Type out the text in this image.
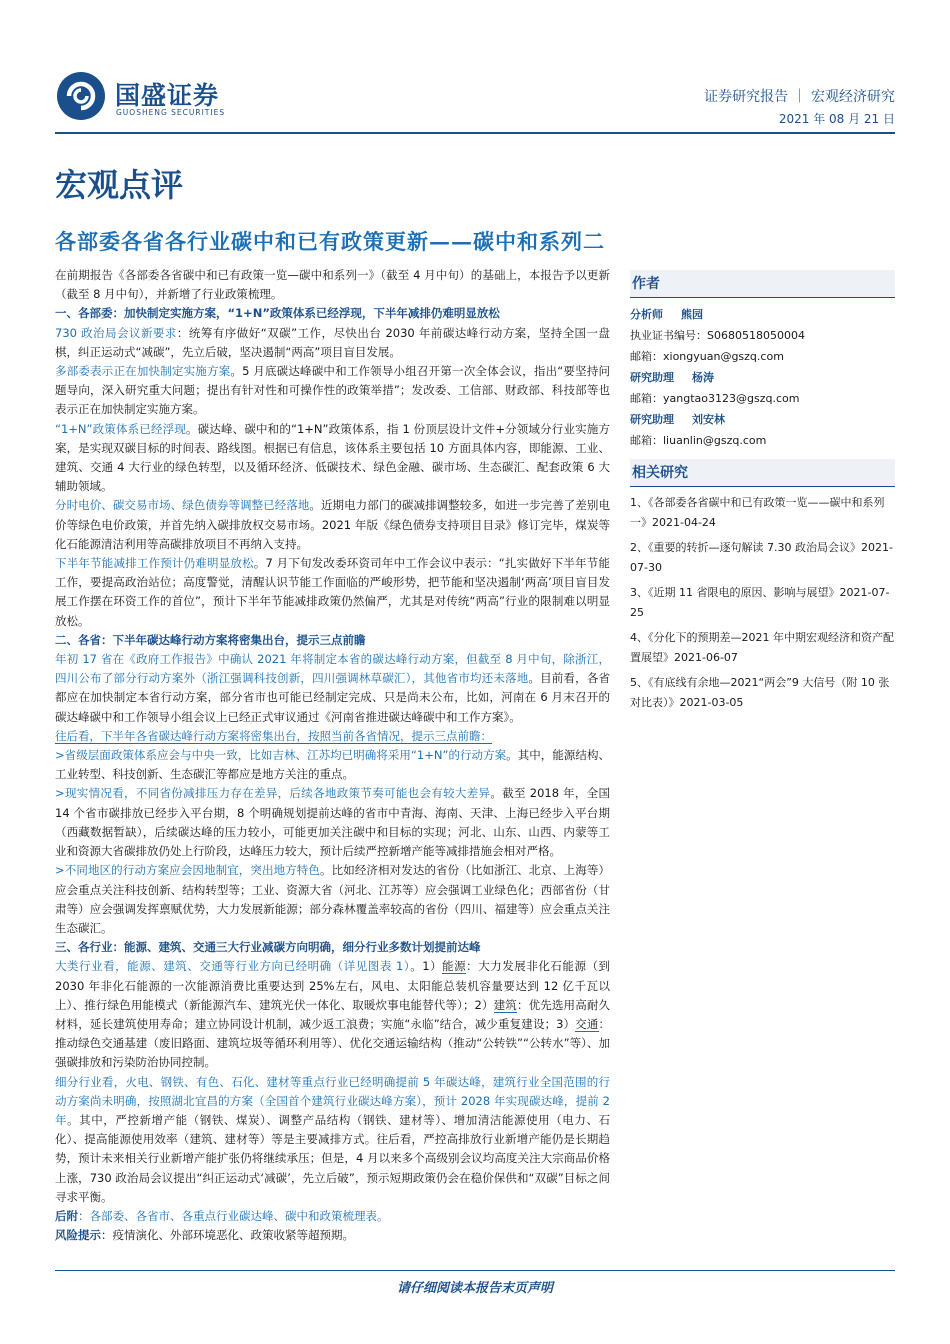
国盛证券
GUOSHENG SECURITIES
证券研究报告 ｜ 宏观经济研究
2021 年 08 月 21 日
宏观点评
各部委各省各行业碳中和已有政策更新——碳中和系列二

在前期报告《各部委各省碳中和已有政策一览—碳中和系列一》（截至 4 月中旬）的基础上，本报告予以更新（截至 8 月中旬），并新增了行业政策梳理。

一、各部委：加快制定实施方案，“1+N”政策体系已经浮现，下半年减排仍难明显放松

730 政治局会议新要求：统筹有序做好“双碳”工作，尽快出台 2030 年前碳达峰行动方案，坚持全国一盘棋，纠正运动式“减碳”，先立后破，坚决遏制“两高”项目盲目发展。

多部委表示正在加快制定实施方案。5 月底碳达峰碳中和工作领导小组召开第一次全体会议，指出“要坚持问题导向，深入研究重大问题；提出有针对性和可操作性的政策举措”；发改委、工信部、财政部、科技部等也表示正在加快制定实施方案。

“1+N”政策体系已经浮现。碳达峰、碳中和的“1+N”政策体系，指 1 份顶层设计文件+分领域分行业实施方案，是实现双碳目标的时间表、路线图。根据已有信息，该体系主要包括 10 方面具体内容，即能源、工业、建筑、交通 4 大行业的绿色转型，以及循环经济、低碳技术、绿色金融、碳市场、生态碳汇、配套政策 6 大辅助领域。

分时电价、碳交易市场、绿色债券等调整已经落地。近期电力部门的碳减排调整较多，如进一步完善了差别电价等绿色电价政策，并首先纳入碳排放权交易市场。2021 年版《绿色债券支持项目目录》修订完毕，煤炭等化石能源清洁利用等高碳排放项目不再纳入支持。

下半年节能减排工作预计仍难明显放松。7 月下旬发改委环资司年中工作会议中表示：“扎实做好下半年节能工作，要提高政治站位；高度警觉，清醒认识节能工作面临的严峻形势，把节能和坚决遏制‘两高’项目盲目发展工作摆在环资工作的首位”，预计下半年节能减排政策仍然偏严，尤其是对传统“两高”行业的限制难以明显放松。

二、各省：下半年碳达峰行动方案将密集出台，提示三点前瞻

年初 17 省在《政府工作报告》中确认 2021 年将制定本省的碳达峰行动方案，但截至 8 月中旬，除浙江，四川公布了部分行动方案外（浙江强调科技创新，四川强调林草碳汇），其他省市均还未落地。目前看，各省都应在加快制定本省行动方案，部分省市也可能已经制定完成、只是尚未公布，比如，河南在 6 月末召开的碳达峰碳中和工作领导小组会议上已经正式审议通过《河南省推进碳达峰碳中和工作方案》。

往后看，下半年各省碳达峰行动方案将密集出台，按照当前各省情况，提示三点前瞻：

>省级层面政策体系应会与中央一致，比如吉林、江苏均已明确将采用“1+N”的行动方案。其中，能源结构、工业转型、科技创新、生态碳汇等都应是地方关注的重点。

>现实情况看，不同省份减排压力存在差异，后续各地政策节奏可能也会有较大差异。截至 2018 年，全国 14 个省市碳排放已经步入平台期，8 个明确规划提前达峰的省市中青海、海南、天津、上海已经步入平台期（西藏数据暂缺），后续碳达峰的压力较小，可能更加关注碳中和目标的实现；河北、山东、山西、内蒙等工业和资源大省碳排放仍处上行阶段，达峰压力较大，预计后续严控新增产能等减排措施会相对严格。

>不同地区的行动方案应会因地制宜，突出地方特色。比如经济相对发达的省份（比如浙江、北京、上海等）应会重点关注科技创新、结构转型等；工业、资源大省（河北、江苏等）应会强调工业绿色化；西部省份（甘肃等）应会强调发挥禀赋优势，大力发展新能源；部分森林覆盖率较高的省份（四川、福建等）应会重点关注生态碳汇。

三、各行业：能源、建筑、交通三大行业减碳方向明确，细分行业多数计划提前达峰

大类行业看，能源、建筑、交通等行业方向已经明确（详见图表 1）。1）能源：大力发展非化石能源（到 2030 年非化石能源的一次能源消费比重要达到 25%左右，风电、太阳能总装机容量要达到 12 亿千瓦以上）、推行绿色用能模式（新能源汽车、建筑光伏一体化、取暖炊事电能替代等）；2）建筑：优先选用高耐久材料，延长建筑使用寿命；建立协同设计机制，减少返工浪费；实施“永临”结合，减少重复建设；3）交通：推动绿色交通基建（废旧路面、建筑垃圾等循环利用等）、优化交通运输结构（推动“公转铁”“公转水”等）、加强碳排放和污染防治协同控制。

细分行业看，火电、钢铁、有色、石化、建材等重点行业已经明确提前 5 年碳达峰，建筑行业全国范围的行动方案尚未明确，按照湖北宜昌的方案（全国首个建筑行业碳达峰方案），预计 2028 年实现碳达峰，提前 2 年。其中，严控新增产能（钢铁、煤炭）、调整产品结构（钢铁、建材等）、增加清洁能源使用（电力、石化）、提高能源使用效率（建筑、建材等）等是主要减排方式。往后看，严控高排放行业新增产能仍是长期趋势，预计未来相关行业新增产能扩张仍将继续承压；但是，4 月以来多个高级别会议均高度关注大宗商品价格上涨，730 政治局会议提出“纠正运动式‘减碳’，先立后破”，预示短期政策仍会在稳价保供和“双碳”目标之间寻求平衡。

后附：各部委、各省市、各重点行业碳达峰、碳中和政策梳理表。

风险提示：疫情演化、外部环境恶化、政策收紧等超预期。

作者
分析师 熊园
执业证书编号：S0680518050004
邮箱：xiongyuan@gszq.com
研究助理 杨涛
邮箱：yangtao3123@gszq.com
研究助理 刘安林
邮箱：liuanlin@gszq.com
相关研究
1、《各部委各省碳中和已有政策一览——碳中和系列一》2021-04-24
2、《重要的转折—逐句解读 7.30 政治局会议》2021-07-30
3、《近期 11 省限电的原因、影响与展望》2021-07-25
4、《分化下的预期差—2021 年中期宏观经济和资产配置展望》2021-06-07
5、《有底线有余地—2021“两会”9 大信号（附 10 张对比表）》2021-03-05
请仔细阅读本报告末页声明
